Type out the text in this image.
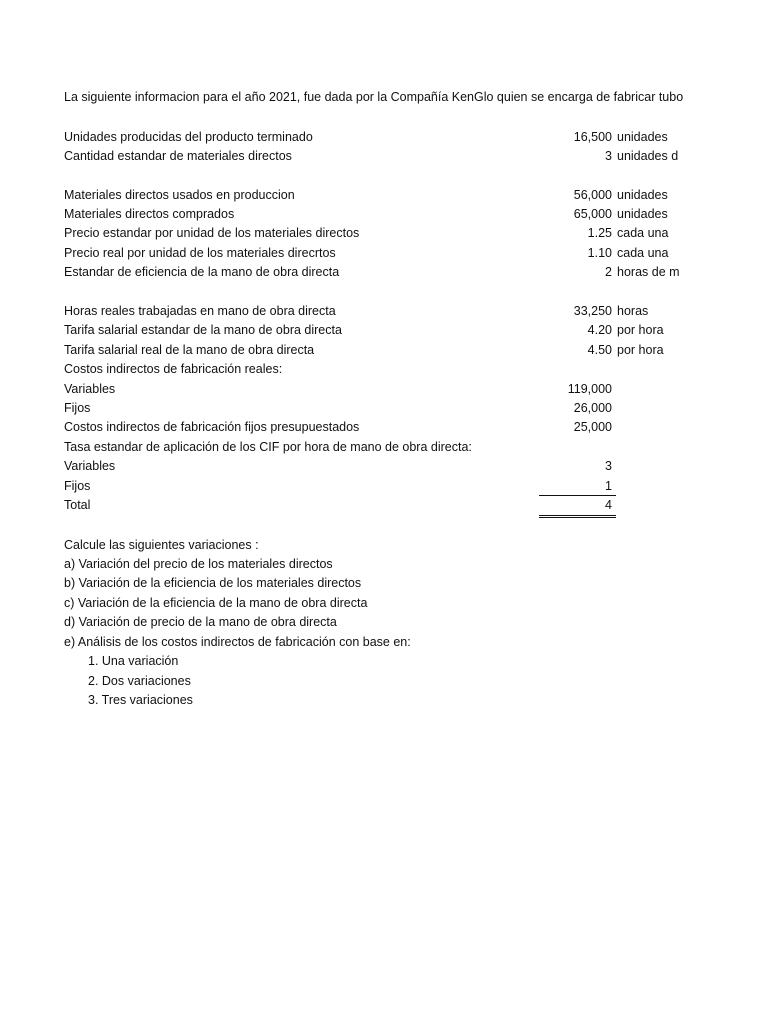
La siguiente informacion para el año 2021, fue dada por la Compañía KenGlo quien se encarga de fabricar tubo
Unidades producidas del producto terminado	16,500 unidades
Cantidad estandar de materiales directos	3 unidades d
Materiales directos usados en produccion	56,000 unidades
Materiales directos comprados	65,000 unidades
Precio estandar por unidad de los materiales directos	1.25 cada una
Precio real por unidad de los materiales direcrtos	1.10 cada una
Estandar de eficiencia de la mano de obra directa	2 horas de m
Horas reales trabajadas en mano de obra directa	33,250 horas
Tarifa salarial estandar de la mano de obra directa	4.20 por hora
Tarifa salarial real de la mano de obra directa	4.50 por hora
Costos indirectos de fabricación reales:
Variables	119,000
Fijos	26,000
Costos indirectos de fabricación fijos presupuestados	25,000
Tasa estandar de aplicación de los CIF por hora de mano de obra directa:
Variables	3
Fijos	1
Total	4
Calcule las siguientes variaciones :
a) Variación del precio de los materiales directos
b) Variación de la eficiencia de los materiales directos
c) Variación de la eficiencia de la mano de obra directa
d) Variación de precio de la mano de obra directa
e) Análisis de los costos indirectos de fabricación con base en:
1. Una variación
2. Dos variaciones
3. Tres variaciones
